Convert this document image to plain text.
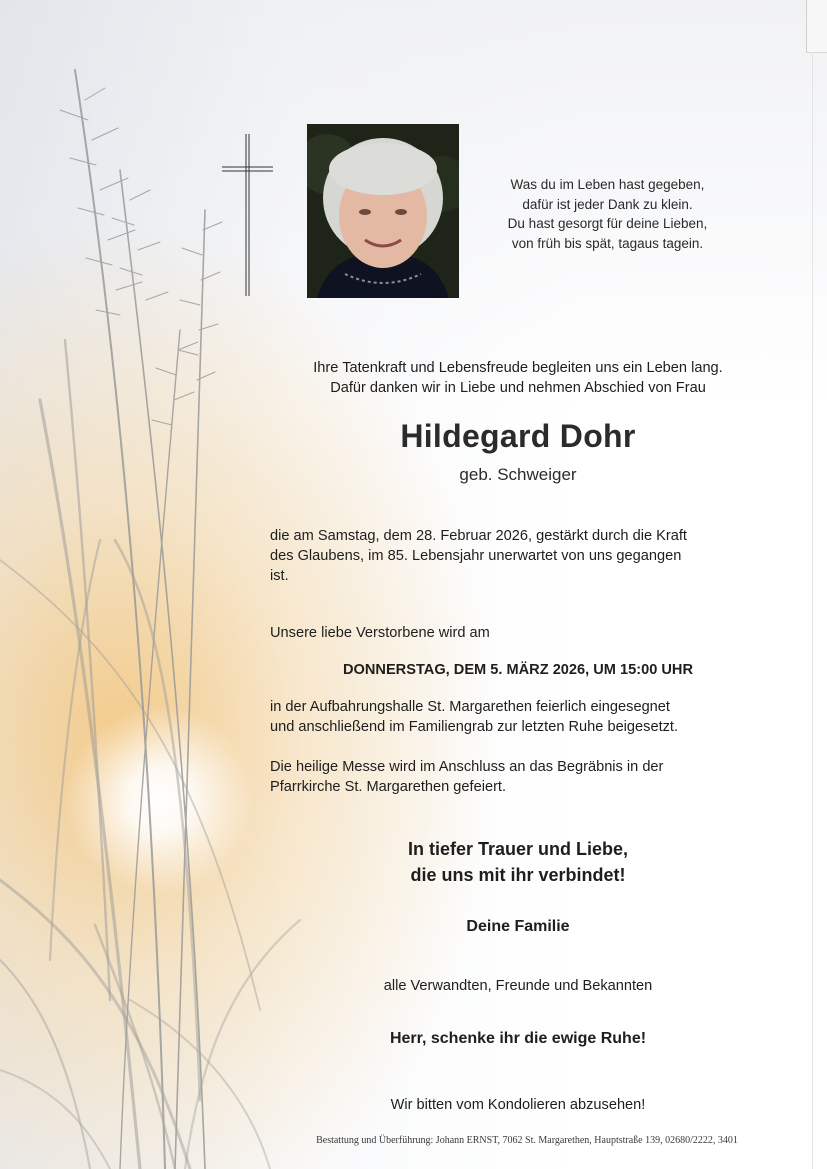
Was du im Leben hast gegeben,
dafür ist jeder Dank zu klein.
Du hast gesorgt für deine Lieben,
von früh bis spät, tagaus tagein.

Ihre Tatenkraft und Lebensfreude begleiten uns ein Leben lang.
Dafür danken wir in Liebe und nehmen Abschied von Frau

Hildegard Dohr
geb. Schweiger

die am Samstag, dem 28. Februar 2026, gestärkt durch die Kraft
des Glaubens, im 85. Lebensjahr unerwartet von uns gegangen
ist.

Unsere liebe Verstorbene wird am

DONNERSTAG, DEM 5. MÄRZ 2026, UM 15:00 UHR

in der Aufbahrungshalle St. Margarethen feierlich eingesegnet
und anschließend im Familiengrab zur letzten Ruhe beigesetzt.

Die heilige Messe wird im Anschluss an das Begräbnis in der
Pfarrkirche St. Margarethen gefeiert.

In tiefer Trauer und Liebe,
die uns mit ihr verbindet!

Deine Familie
alle Verwandten, Freunde und Bekannten
Herr, schenke ihr die ewige Ruhe!
Wir bitten vom Kondolieren abzusehen!
Bestattung und Überführung: Johann ERNST, 7062 St. Margarethen, Hauptstraße 139, 02680/2222, 3401
